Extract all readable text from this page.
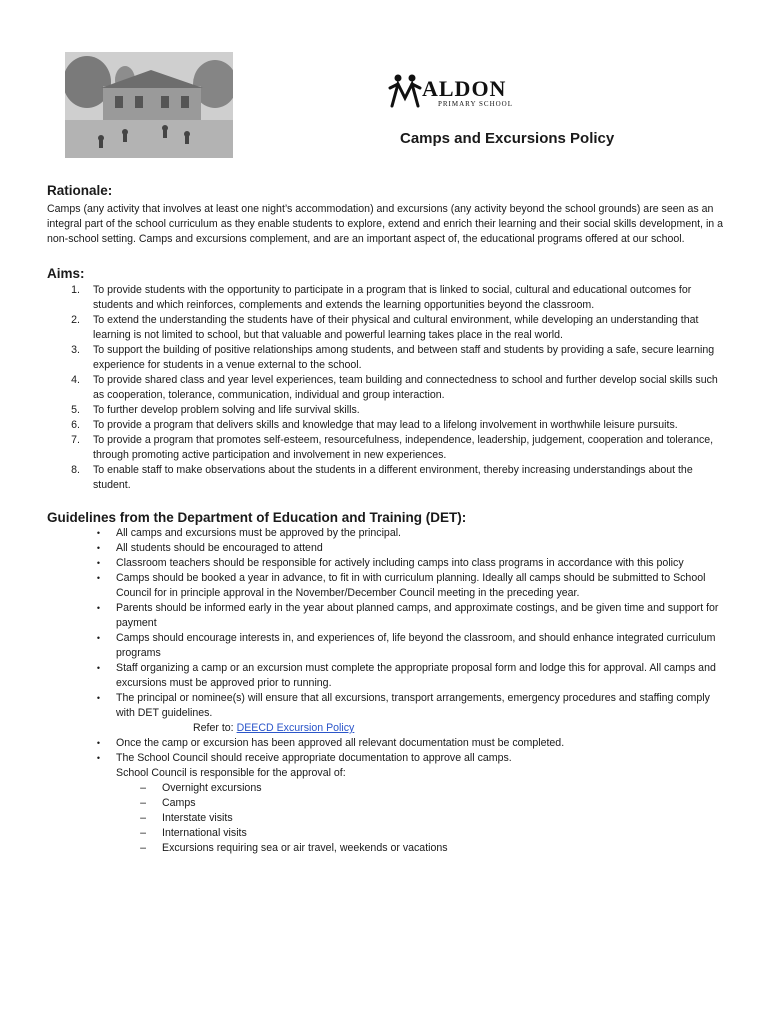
ALDON
PRIMARY SCHOOL
Camps and Excursions Policy
Rationale:

Camps (any activity that involves at least one night’s accommodation) and excursions (any activity beyond the school grounds) are seen as an integral part of the school curriculum as they enable students to explore, extend and enrich their learning and their social skills development, in a non-school setting. Camps and excursions complement, and are an important aspect of, the educational programs offered at our school.

Aims:
1.	To provide students with the opportunity to participate in a program that is linked to social, cultural and educational outcomes for students and which reinforces, complements and extends the learning opportunities beyond the classroom.
2.	To extend the understanding the students have of their physical and cultural environment, while developing an understanding that learning is not limited to school, but that valuable and powerful learning takes place in the real world.
3.	To support the building of positive relationships among students, and between staff and students by providing a safe, secure learning experience for students in a venue external to the school.
4.	To provide shared class and year level experiences, team building and connectedness to school and further develop social skills such as cooperation, tolerance, communication, individual and group interaction.
5.	To further develop problem solving and life survival skills.
6.	To provide a program that delivers skills and knowledge that may lead to a lifelong involvement in worthwhile leisure pursuits.
7.	To provide a program that promotes self-esteem, resourcefulness, independence, leadership, judgement, cooperation and tolerance, through promoting active participation and involvement in new experiences.
8.	To enable staff to make observations about the students in a different environment, thereby increasing understandings about the student.
Guidelines from the Department of Education and Training (DET):
•	All camps and excursions must be approved by the principal.
•	All students should be encouraged to attend
•	Classroom teachers should be responsible for actively including camps into class programs in accordance with this policy
•	Camps should be booked a year in advance, to fit in with curriculum planning. Ideally all camps should be submitted to School Council for in principle approval in the November/December Council meeting in the preceding year.
•	Parents should be informed early in the year about planned camps, and approximate costings, and be given time and support for payment
•	Camps should encourage interests in, and experiences of, life beyond the classroom, and should enhance integrated curriculum programs
•	Staff organizing a camp or an excursion must complete the appropriate proposal form and lodge this for approval. All camps and excursions must be approved prior to running.
•	The principal or nominee(s) will ensure that all excursions, transport arrangements, emergency procedures and staffing comply with DET guidelines.
Refer to: DEECD Excursion Policy
•	Once the camp or excursion has been approved all relevant documentation must be completed.
•	The School Council should receive appropriate documentation to approve all camps.
School Council is responsible for the approval of:
–	Overnight excursions
–	Camps
–	Interstate visits
–	International visits
–	Excursions requiring sea or air travel, weekends or vacations
